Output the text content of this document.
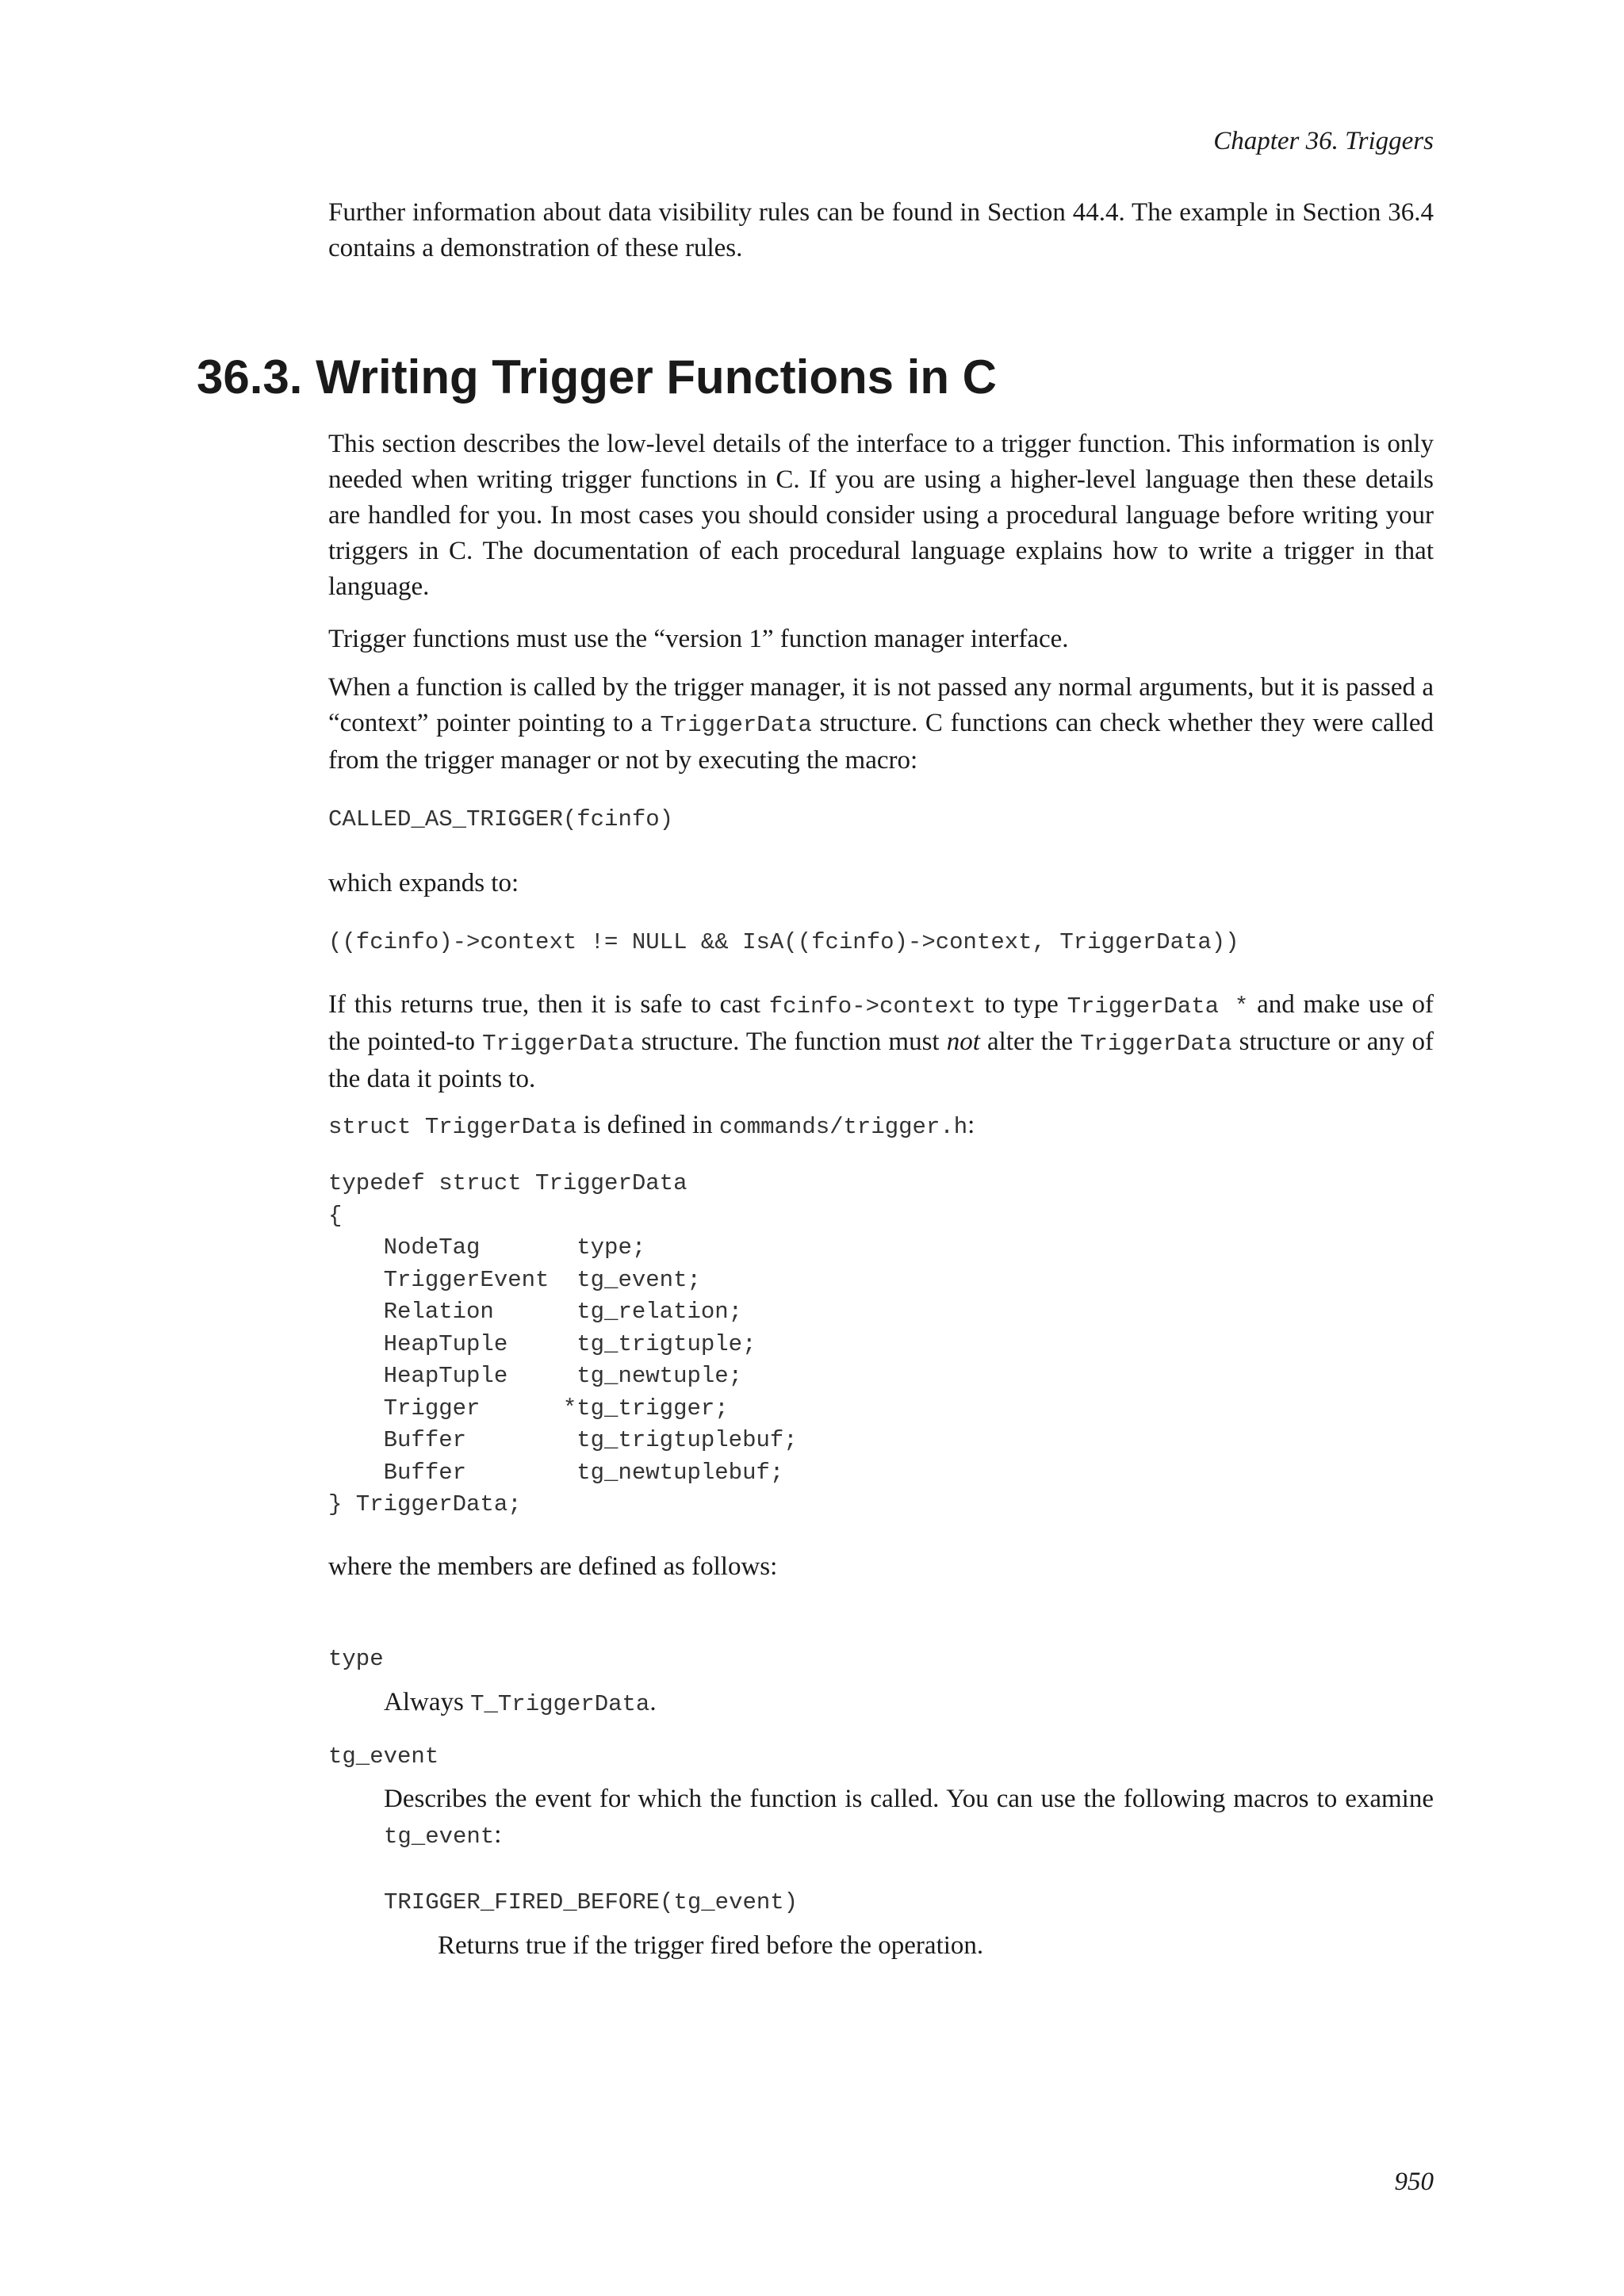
Chapter 36. Triggers

Further information about data visibility rules can be found in Section 44.4. The example in Section 36.4 contains a demonstration of these rules.

36.3. Writing Trigger Functions in C

This section describes the low-level details of the interface to a trigger function. This information is only needed when writing trigger functions in C. If you are using a higher-level language then these details are handled for you. In most cases you should consider using a procedural language before writing your triggers in C. The documentation of each procedural language explains how to write a trigger in that language.

Trigger functions must use the “version 1” function manager interface.

When a function is called by the trigger manager, it is not passed any normal arguments, but it is passed a “context” pointer pointing to a TriggerData structure. C functions can check whether they were called from the trigger manager or not by executing the macro:

CALLED_AS_TRIGGER(fcinfo)

which expands to:

((fcinfo)->context != NULL && IsA((fcinfo)->context, TriggerData))

If this returns true, then it is safe to cast fcinfo->context to type TriggerData * and make use of the pointed-to TriggerData structure. The function must not alter the TriggerData structure or any of the data it points to.

struct TriggerData is defined in commands/trigger.h:

typedef struct TriggerData
{
NodeTag       type;
TriggerEvent  tg_event;
Relation      tg_relation;
HeapTuple     tg_trigtuple;
HeapTuple     tg_newtuple;
Trigger      *tg_trigger;
Buffer        tg_trigtuplebuf;
Buffer        tg_newtuplebuf;
} TriggerData;

where the members are defined as follows:

type

Always T_TriggerData.

tg_event

Describes the event for which the function is called. You can use the following macros to examine tg_event:

TRIGGER_FIRED_BEFORE(tg_event)

Returns true if the trigger fired before the operation.

950
